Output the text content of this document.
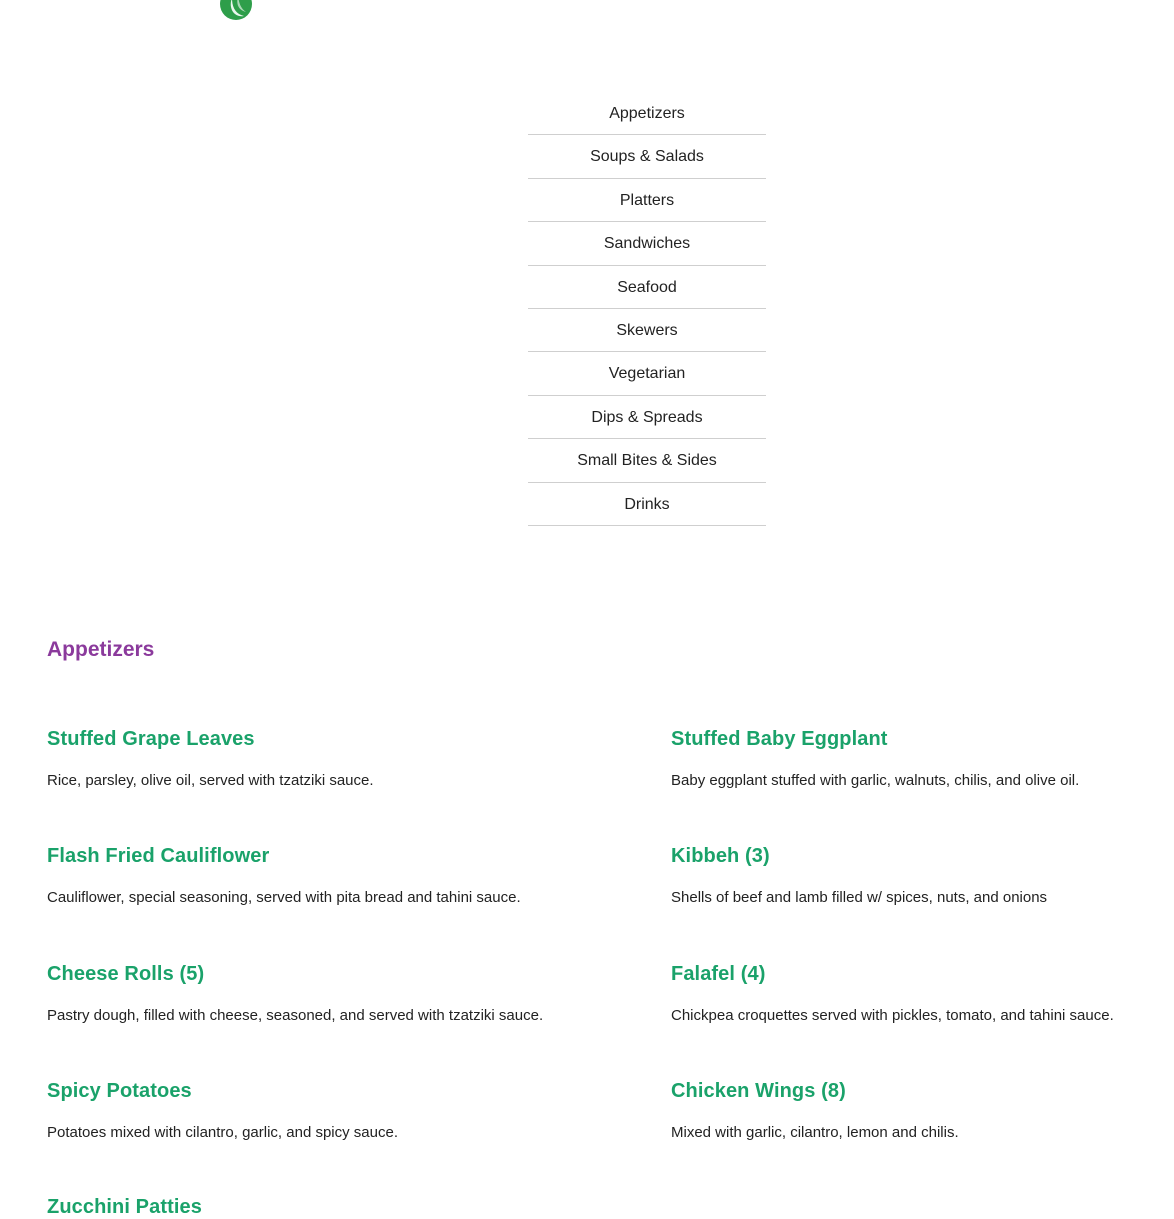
Appetizers
Soups & Salads
Platters
Sandwiches
Seafood
Skewers
Vegetarian
Dips & Spreads
Small Bites & Sides
Drinks
Appetizers
Stuffed Grape Leaves

Rice, parsley, olive oil, served with tzatziki sauce.

Stuffed Baby Eggplant

Baby eggplant stuffed with garlic, walnuts, chilis, and olive oil.

Flash Fried Cauliflower

Cauliflower, special seasoning, served with pita bread and tahini sauce.

Kibbeh (3)

Shells of beef and lamb filled w/ spices, nuts, and onions

Cheese Rolls (5)

Pastry dough, filled with cheese, seasoned, and served with tzatziki sauce.

Falafel (4)

Chickpea croquettes served with pickles, tomato, and tahini sauce.

Spicy Potatoes

Potatoes mixed with cilantro, garlic, and spicy sauce.

Chicken Wings (8)

Mixed with garlic, cilantro, lemon and chilis.

Zucchini Patties
